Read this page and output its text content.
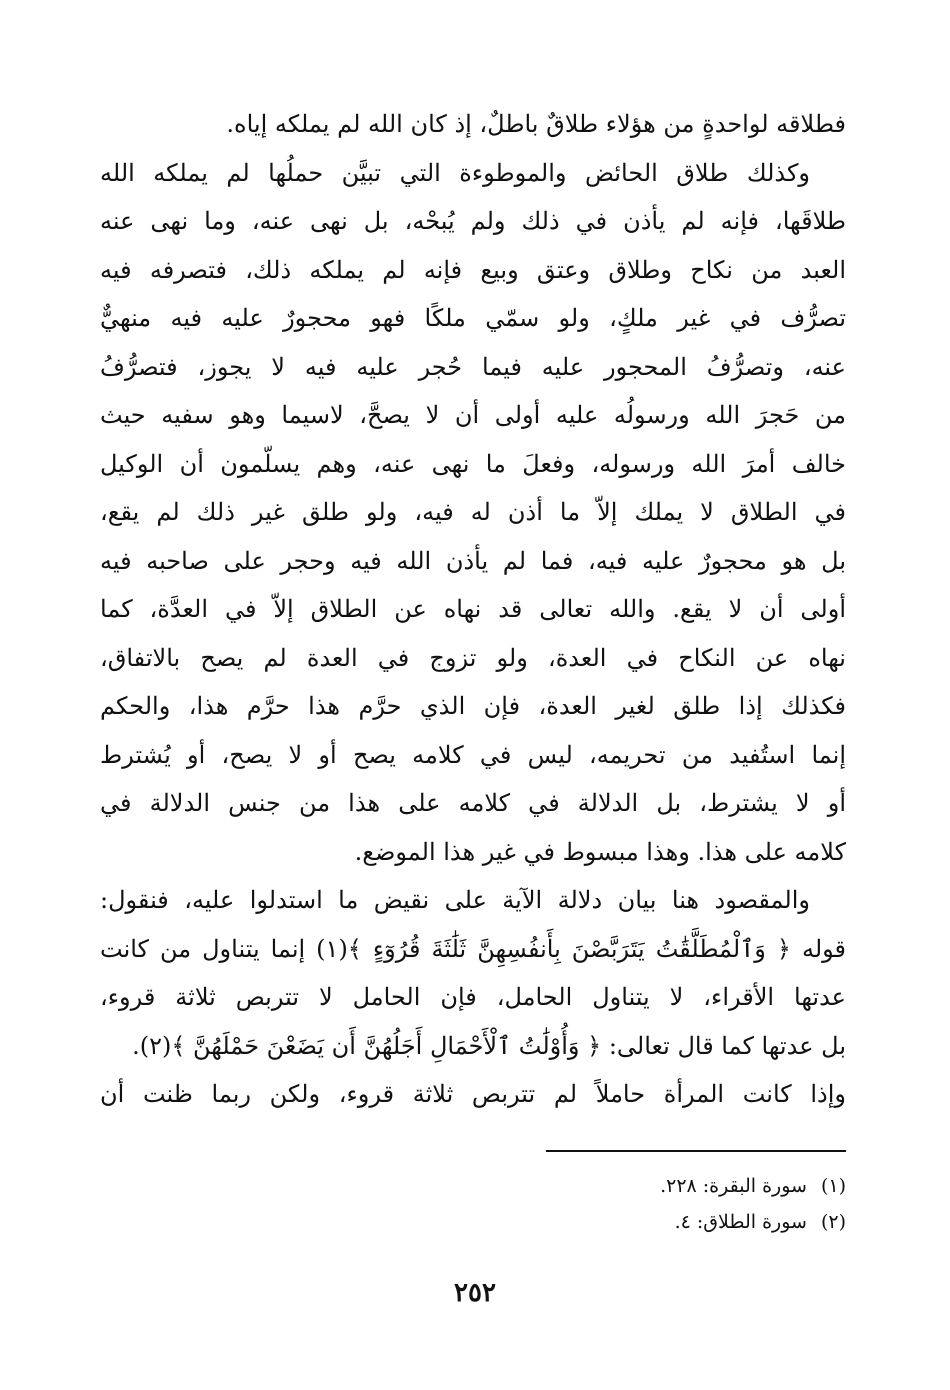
فطلاقه لواحدةٍ من هؤلاء طلاقٌ باطلٌ، إذ كان الله لم يملكه إياه.
وكذلك طلاق الحائض والموطوءة التي تبيَّن حملُها لم يملكه الله
طلاقَها، فإنه لم يأذن في ذلك ولم يُبحْه، بل نهى عنه، وما نهى عنه
العبد من نكاح وطلاق وعتق وبيع فإنه لم يملكه ذلك، فتصرفه فيه
تصرُّف في غير ملكٍ، ولو سمّي ملكًا فهو محجورٌ عليه فيه منهيٌّ
عنه، وتصرُّفُ المحجور عليه فيما حُجر عليه فيه لا يجوز، فتصرُّفُ
من حَجرَ الله ورسولُه عليه أولى أن لا يصحَّ، لاسيما وهو سفيه حيث
خالف أمرَ الله ورسوله، وفعلَ ما نهى عنه، وهم يسلّمون أن الوكيل
في الطلاق لا يملك إلاّ ما أذن له فيه، ولو طلق غير ذلك لم يقع،
بل هو محجورٌ عليه فيه، فما لم يأذن الله فيه وحجر على صاحبه فيه
أولى أن لا يقع. والله تعالى قد نهاه عن الطلاق إلاّ في العدَّة، كما
نهاه عن النكاح في العدة، ولو تزوج في العدة لم يصح بالاتفاق،
فكذلك إذا طلق لغير العدة، فإن الذي حرَّم هذا حرَّم هذا، والحكم
إنما استُفيد من تحريمه، ليس في كلامه يصح أو لا يصح، أو يُشترط
أو لا يشترط، بل الدلالة في كلامه على هذا من جنس الدلالة في
كلامه على هذا. وهذا مبسوط في غير هذا الموضع.
والمقصود هنا بيان دلالة الآية على نقيض ما استدلوا عليه، فنقول:
قوله ﴿ وَٱلْمُطَلَّقَٰتُ يَتَرَبَّصْنَ بِأَنفُسِهِنَّ ثَلَٰثَةَ قُرُوٓءٍ ﴾(١) إنما يتناول من كانت
عدتها الأقراء، لا يتناول الحامل، فإن الحامل لا تتربص ثلاثة قروء،
بل عدتها كما قال تعالى: ﴿ وَأُوْلَٰتُ ٱلْأَحْمَالِ أَجَلُهُنَّ أَن يَضَعْنَ حَمْلَهُنَّ ﴾(٢).
وإذا كانت المرأة حاملاً لم تتربص ثلاثة قروء، ولكن ربما ظنت أن
(١)سورة البقرة: ٢٢٨.
(٢)سورة الطلاق: ٤.
٢٥٢
